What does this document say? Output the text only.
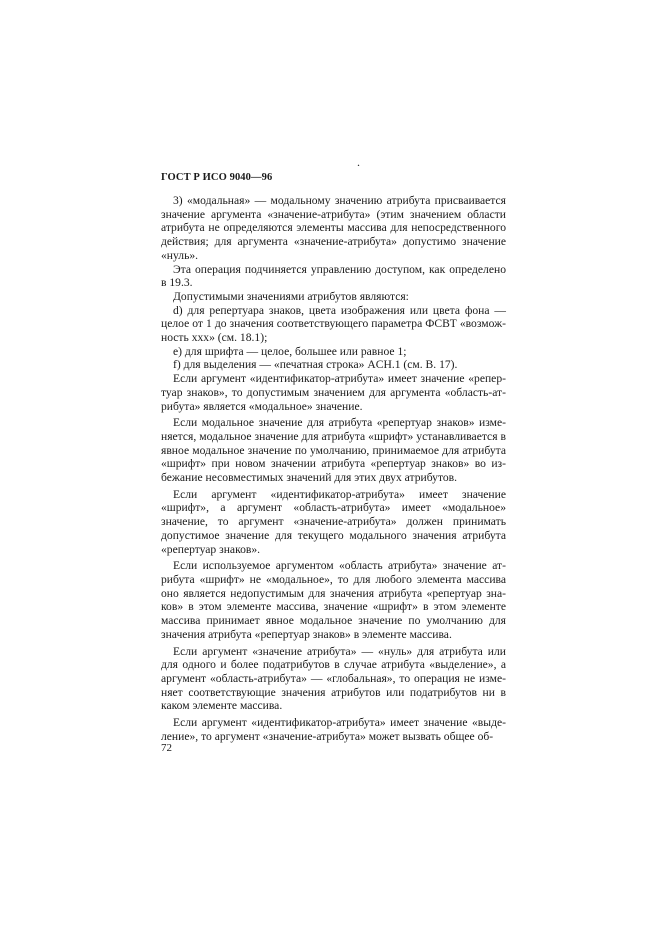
.
ГОСТ Р ИСО 9040—96

3) «модальная» — модальному значению атрибута присваивается значение аргумента «значение-атрибута» (этим значением области атрибута не определяются элементы массива для непосредственного действия; для аргумента «значение-атрибута» допустимо значение «нуль».

Эта операция подчиняется управлению доступом, как определено в 19.3.

Допустимыми значениями атрибутов являются:

d) для репертуара знаков, цвета изображения или цвета фона — целое от 1 до значения соответствующего параметра ФСВТ «возможность xxx» (см. 18.1);

e) для шрифта — целое, большее или равное 1;

f) для выделения — «печатная строка» ACH.1 (см. В. 17).

Если аргумент «идентификатор-атрибута» имеет значение «репертуар знаков», то допустимым значением для аргумента «область-атрибута» является «модальное» значение.

Если модальное значение для атрибута «репертуар знаков» изменяется, модальное значение для атрибута «шрифт» устанавливается в явное модальное значение по умолчанию, принимаемое для атрибута «шрифт» при новом значении атрибута «репертуар знаков» во избежание несовместимых значений для этих двух атрибутов.

Если аргумент «идентификатор-атрибута» имеет значение «шрифт», а аргумент «область-атрибута» имеет «модальное» значение, то аргумент «значение-атрибута» должен принимать допустимое значение для текущего модального значения атрибута «репертуар знаков».

Если используемое аргументом «область атрибута» значение атрибута «шрифт» не «модальное», то для любого элемента массива оно является недопустимым для значения атрибута «репертуар знаков» в этом элементе массива, значение «шрифт» в этом элементе массива принимает явное модальное значение по умолчанию для значения атрибута «репертуар знаков» в элементе массива.

Если аргумент «значение атрибута» — «нуль» для атрибута или для одного и более податрибутов в случае атрибута «выделение», а аргумент «область-атрибута» — «глобальная», то операция не изменяет соответствующие значения атрибутов или податрибутов ни в каком элементе массива.

Если аргумент «идентификатор-атрибута» имеет значение «выделение», то аргумент «значение-атрибута» может вызвать общее об-

72
